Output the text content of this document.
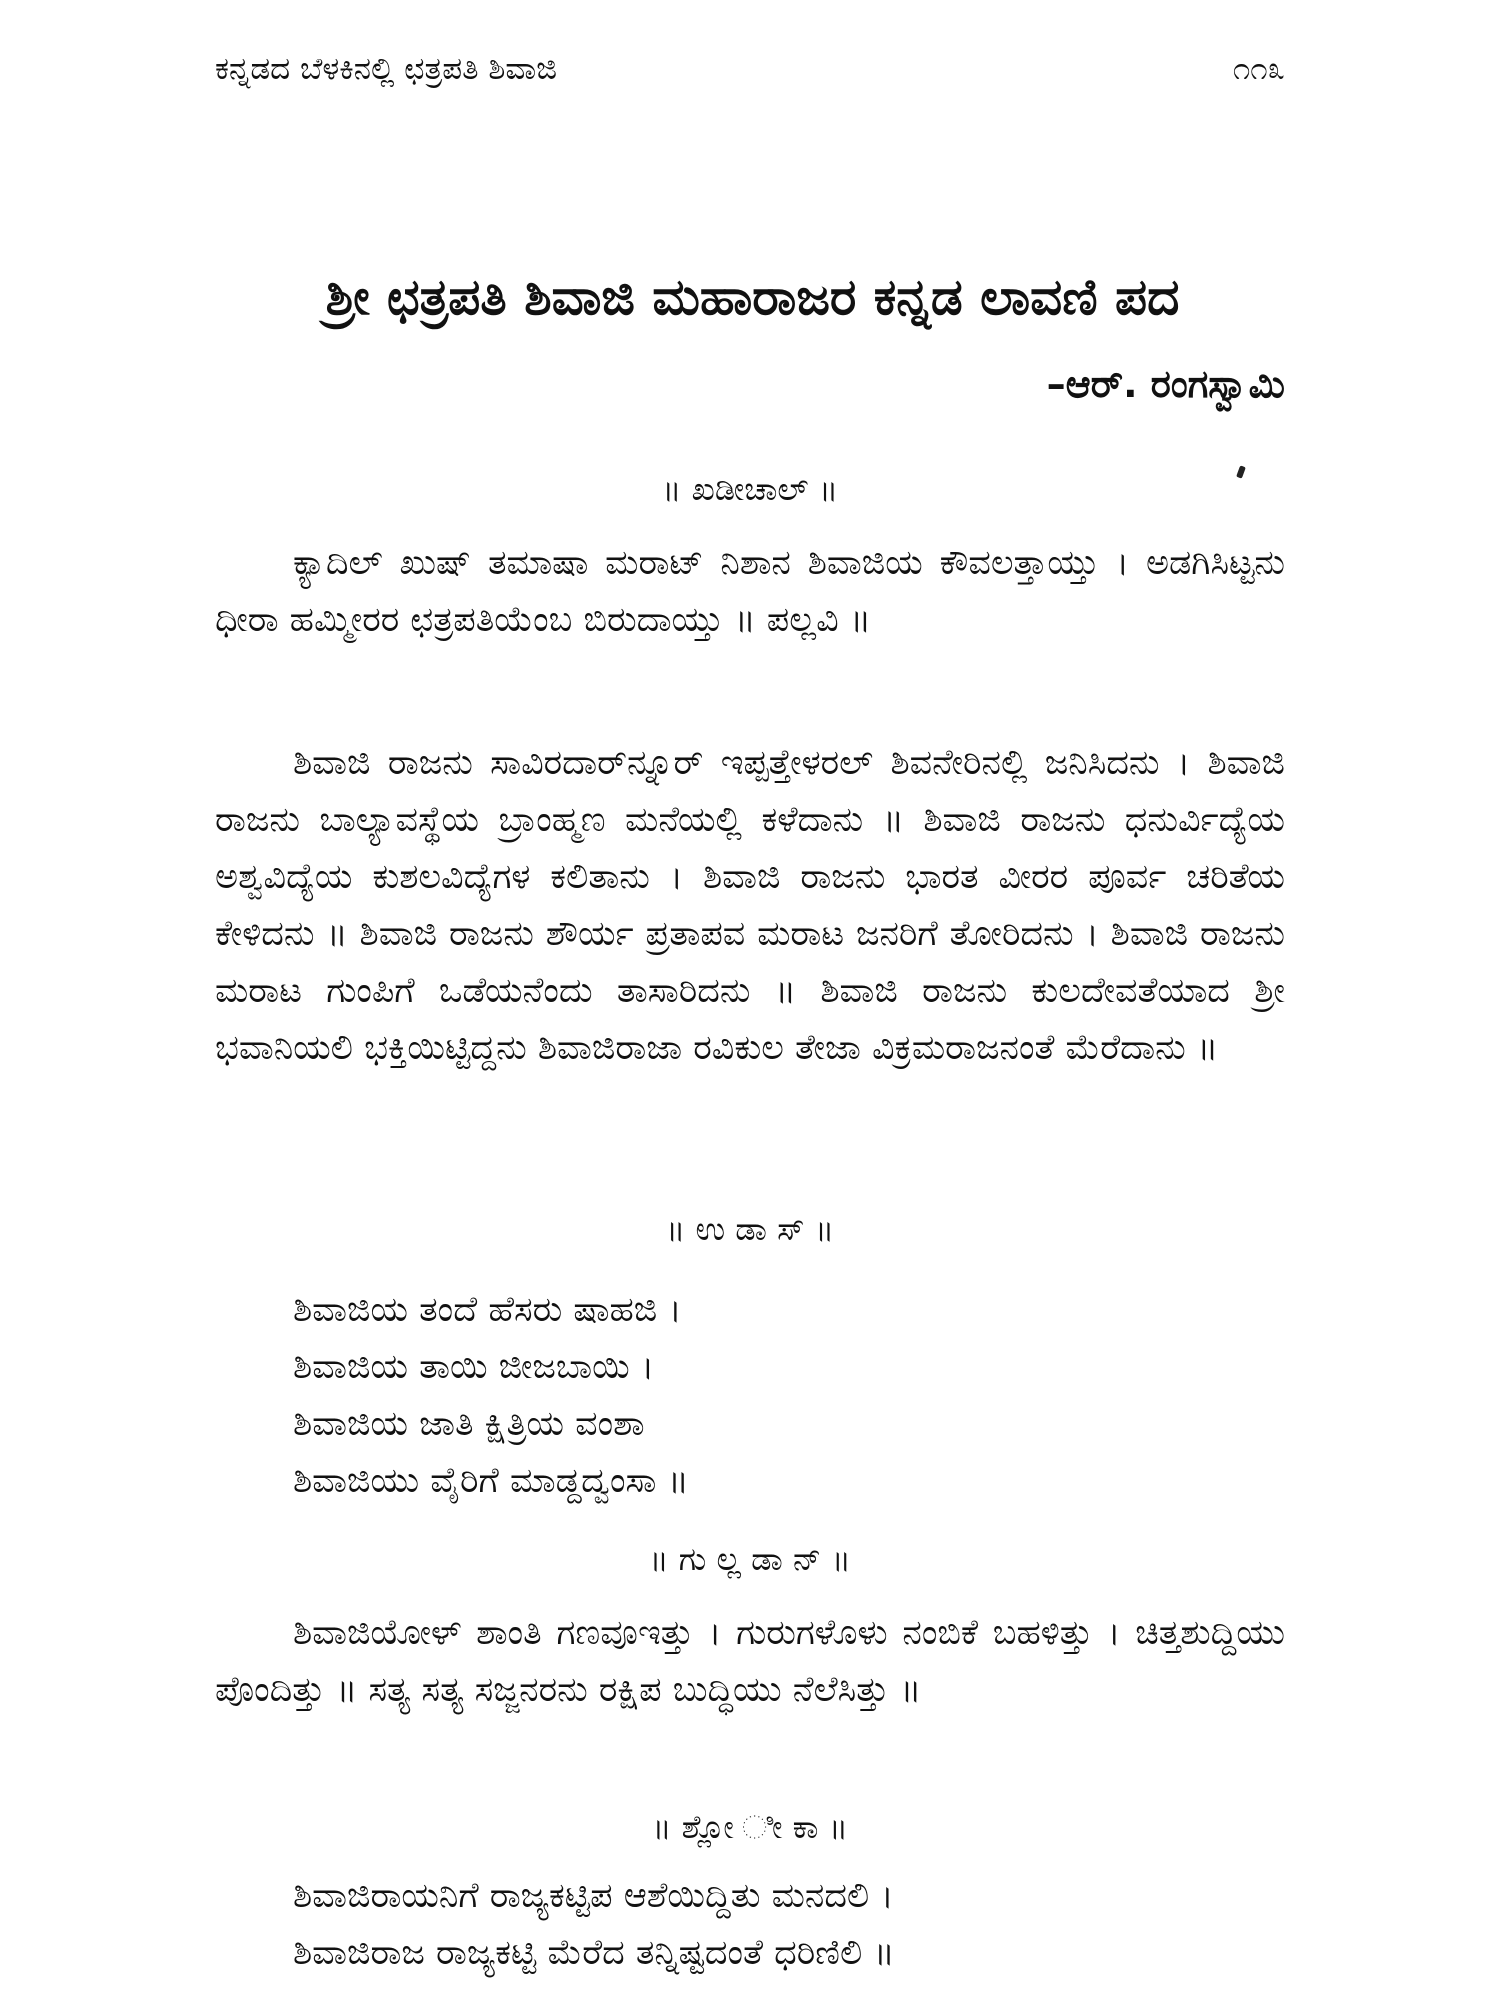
ಕನ್ನಡದ ಬೆಳಕಿನಲ್ಲಿ ಛತ್ರಪತಿ ಶಿವಾಜಿ	೧೧೩
ಶ್ರೀ ಛತ್ರಪತಿ ಶಿವಾಜಿ ಮಹಾರಾಜರ ಕನ್ನಡ ಲಾವಣಿ ಪದ
–ಆರ್. ರಂಗಸ್ವಾಮಿ
॥ ಖಡೀಚಾಲ್ ॥

ಕ್ಯಾದಿಲ್ ಖುಷ್ ತಮಾಷಾ ಮರಾಟ್ ನಿಶಾನ ಶಿವಾಜಿಯ ಕೌವಲತ್ತಾಯ್ತು । ಅಡಗಿಸಿಟ್ಟನು ಧೀರಾ ಹಮ್ಮೀರರ ಛತ್ರಪತಿಯೆಂಬ ಬಿರುದಾಯ್ತು ॥ ಪಲ್ಲವಿ ॥

ಶಿವಾಜಿ ರಾಜನು ಸಾವಿರದಾರ್‌ನ್ನೂರ್ ಇಪ್ಪತ್ತೇಳರಲ್ ಶಿವನೇರಿನಲ್ಲಿ ಜನಿಸಿದನು । ಶಿವಾಜಿ ರಾಜನು ಬಾಲ್ಯಾವಸ್ಥೆಯ ಬ್ರಾಂಹ್ಮಣ ಮನೆಯಲ್ಲಿ ಕಳೆದಾನು ॥ ಶಿವಾಜಿ ರಾಜನು ಧನುರ್ವಿದ್ಯೆಯ ಅಶ್ವವಿದ್ಯೆಯ ಕುಶಲವಿದ್ಯೆಗಳ ಕಲಿತಾನು । ಶಿವಾಜಿ ರಾಜನು ಭಾರತ ವೀರರ ಪೂರ್ವ ಚರಿತೆಯ ಕೇಳಿದನು ॥ ಶಿವಾಜಿ ರಾಜನು ಶೌರ್ಯ ಪ್ರತಾಪವ ಮರಾಟ ಜನರಿಗೆ ತೋರಿದನು । ಶಿವಾಜಿ ರಾಜನು ಮರಾಟ ಗುಂಪಿಗೆ ಒಡೆಯನೆಂದು ತಾಸಾರಿದನು ॥ ಶಿವಾಜಿ ರಾಜನು ಕುಲದೇವತೆಯಾದ ಶ್ರೀ ಭವಾನಿಯಲಿ ಭಕ್ತಿಯಿಟ್ಟಿದ್ದನು ಶಿವಾಜಿರಾಜಾ ರವಿಕುಲ ತೇಜಾ ವಿಕ್ರಮರಾಜನಂತೆ ಮೆರೆದಾನು ॥

॥ ಉ ಡಾ ಸ್ ॥
ಶಿವಾಜಿಯ ತಂದೆ ಹೆಸರು ಷಾಹಜಿ ।
ಶಿವಾಜಿಯ ತಾಯಿ ಜೀಜಬಾಯಿ ।
ಶಿವಾಜಿಯ ಜಾತಿ ಕ್ಷಿತ್ರಿಯ ವಂಶಾ
ಶಿವಾಜಿಯು ವೈರಿಗೆ ಮಾಡ್ದದ್ವಂಸಾ ॥
॥ ಗು ಲ್ಲ ಡಾ ನ್ ॥

ಶಿವಾಜಿಯೋಳ್ ಶಾಂತಿ ಗಣವೂಇತ್ತು । ಗುರುಗಳೊಳು ನಂಬಿಕೆ ಬಹಳಿತ್ತು । ಚಿತ್ತಶುದ್ದಿಯು ಪೊಂದಿತ್ತು ॥ ಸತ್ಯ ಸತ್ಯ ಸಜ್ಜನರನು ರಕ್ಷಿಪ ಬುದ್ಧಿಯು ನೆಲೆಸಿತ್ತು ॥

॥ ಶ್ಲೋ ೀ ಕಾ ॥
ಶಿವಾಜಿರಾಯನಿಗೆ ರಾಜ್ಯಕಟ್ಟಿಪ ಆಶೆಯಿದ್ದಿತು ಮನದಲಿ ।
ಶಿವಾಜಿರಾಜ ರಾಜ್ಯಕಟ್ಟಿ ಮೆರೆದ ತನ್ನಿಷ್ಟದಂತೆ ಧರಿಣಿಲಿ ॥
